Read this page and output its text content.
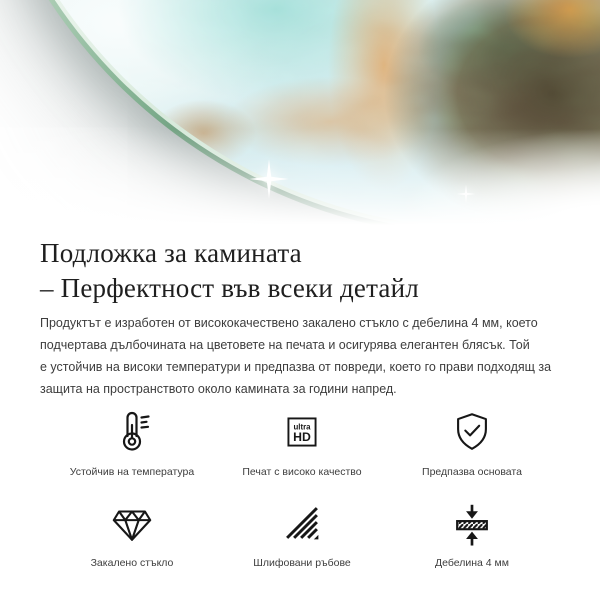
Подложка за камината
– Перфектност във всеки детайл

Продуктът е изработен от висококачествено закалено стъкло с дебелина 4 мм, което
подчертава дълбочината на цветовете на печата и осигурява елегантен блясък. Той
е устойчив на високи температури и предпазва от повреди, което го прави подходящ за
защита на пространството около камината за години напред.

Устойчив на температура
ultra
HD
Печат с високо качество	Предпазва основата
Закалено стъкло	Шлифовани ръбове	Дебелина 4 мм
